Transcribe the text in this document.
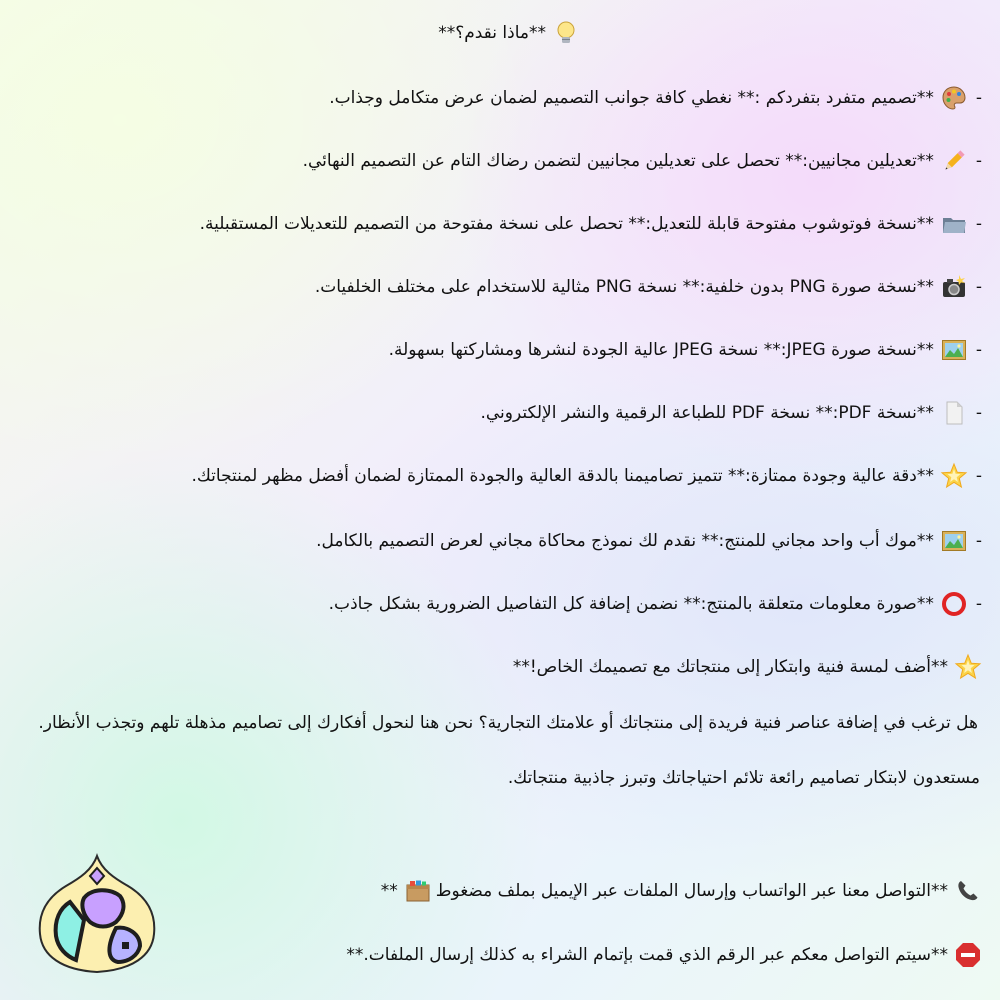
**ماذا نقدم؟**
-
**تصميم متفرد بتفردكم :** نغطي كافة جوانب التصميم لضمان عرض متكامل وجذاب.
-
**تعديلين مجانيين:** تحصل على تعديلين مجانيين لتضمن رضاك التام عن التصميم النهائي.
-
**نسخة فوتوشوب مفتوحة قابلة للتعديل:** تحصل على نسخة مفتوحة من التصميم للتعديلات المستقبلية.
-
**نسخة صورة PNG بدون خلفية:** نسخة PNG مثالية للاستخدام على مختلف الخلفيات.
-
**نسخة صورة JPEG:** نسخة JPEG عالية الجودة لنشرها ومشاركتها بسهولة.
-
**نسخة PDF:** نسخة PDF للطباعة الرقمية والنشر الإلكتروني.
-
**دقة عالية وجودة ممتازة:** تتميز تصاميمنا بالدقة العالية والجودة الممتازة لضمان أفضل مظهر لمنتجاتك.
-
**موك أب واحد مجاني للمنتج:** نقدم لك نموذج محاكاة مجاني لعرض التصميم بالكامل.
-
**صورة معلومات متعلقة بالمنتج:** نضمن إضافة كل التفاصيل الضرورية بشكل جاذب.
**أضف لمسة فنية وابتكار إلى منتجاتك مع تصميمك الخاص!**
هل ترغب في إضافة عناصر فنية فريدة إلى منتجاتك أو علامتك التجارية؟ نحن هنا لنحول أفكارك إلى تصاميم مذهلة تلهم وتجذب الأنظار.
مستعدون لابتكار تصاميم رائعة تلائم احتياجاتك وتبرز جاذبية منتجاتك.
**التواصل معنا عبر الواتساب وإرسال الملفات عبر الإيميل بملف مضغوط
**
**سيتم التواصل معكم عبر الرقم الذي قمت بإتمام الشراء به كذلك إرسال الملفات.**
